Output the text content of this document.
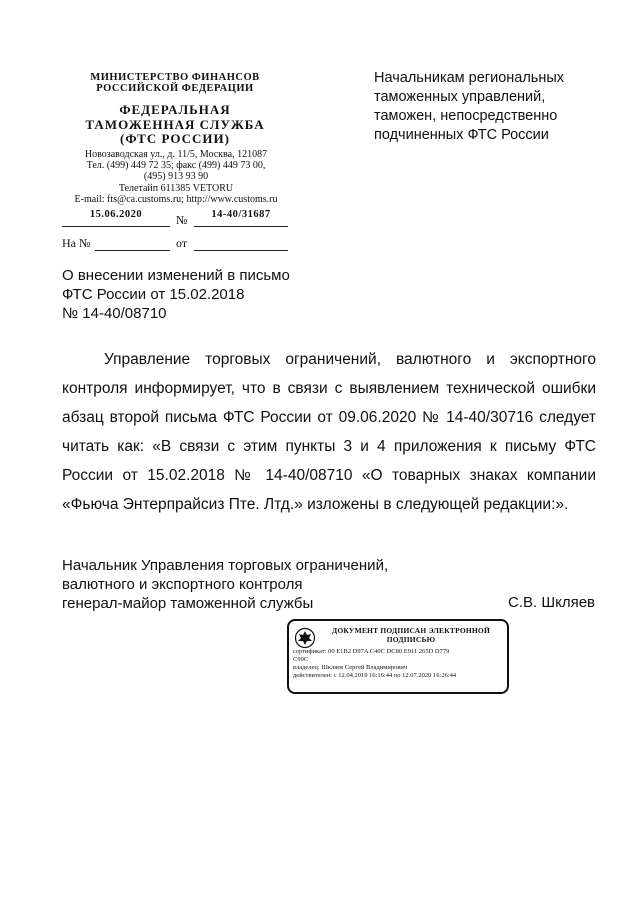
МИНИСТЕРСТВО ФИНАНСОВ
РОССИЙСКОЙ ФЕДЕРАЦИИ
ФЕДЕРАЛЬНАЯ
ТАМОЖЕННАЯ СЛУЖБА
(ФТС РОССИИ)
Новозаводская ул., д. 11/5, Москва, 121087
Тел. (499) 449 72 35; факс (499) 449 73 00,
(495) 913 93 90
Телетайп 611385 VETORU
E-mail: fts@ca.customs.ru; http://www.customs.ru
15.06.2020	№	14-40/31687
На №	от
Начальникам региональных
таможенных управлений,
таможен, непосредственно
подчиненных ФТС России
О внесении изменений в письмо
ФТС России от 15.02.2018
№ 14-40/08710
Управление торговых ограничений, валютного и экспортного контроля информирует, что в связи с выявлением технической ошибки абзац второй письма ФТС России от 09.06.2020 № 14-40/30716 следует читать как: «В связи с этим пункты 3 и 4 приложения к письму ФТС России от 15.02.2018 № 14-40/08710 «О товарных знаках компании «Фьюча Энтерпрайсиз Пте. Лтд.» изложены в следующей редакции:».
Начальник Управления торговых ограничений,
валютного и экспортного контроля
генерал-майор таможенной службы	С.В. Шкляев
ДОКУМЕНТ ПОДПИСАН ЭЛЕКТРОННОЙ
ПОДПИСЬЮ
сертификат: 00 E1B2 D97A C40C DC80 E911 265D D779
C99C
владелец: Шкляев Сергей Владимирович
действителен: с 12.04.2019 16:16:44 по 12.07.2020 16:26:44
